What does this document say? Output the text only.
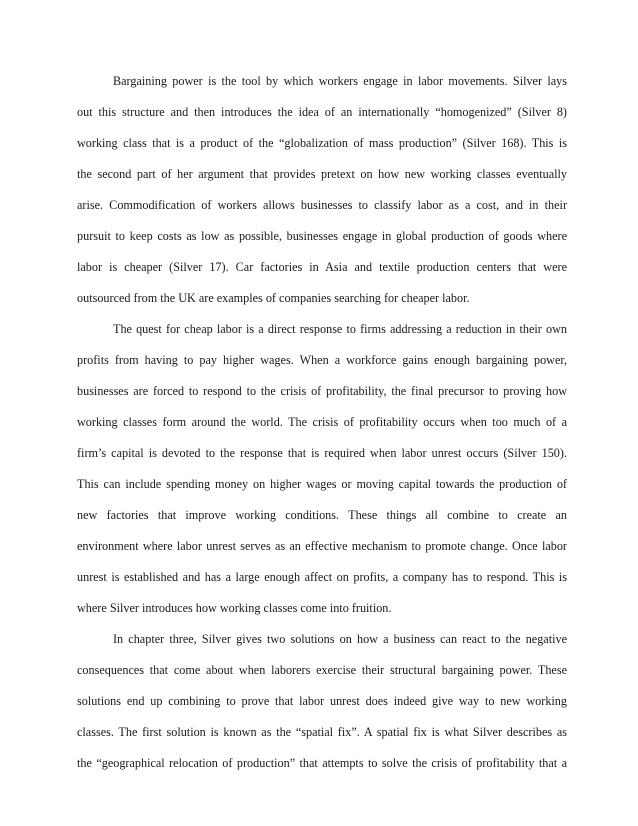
Bargaining power is the tool by which workers engage in labor movements. Silver lays

out this structure and then introduces the idea of an internationally “homogenized” (Silver 8)

working class that is a product of the “globalization of mass production” (Silver 168). This is

the second part of her argument that provides pretext on how new working classes eventually

arise. Commodification of workers allows businesses to classify labor as a cost, and in their

pursuit to keep costs as low as possible, businesses engage in global production of goods where

labor is cheaper (Silver 17). Car factories in Asia and textile production centers that were

outsourced from the UK are examples of companies searching for cheaper labor.

The quest for cheap labor is a direct response to firms addressing a reduction in their own

profits from having to pay higher wages. When a workforce gains enough bargaining power,

businesses are forced to respond to the crisis of profitability, the final precursor to proving how

working classes form around the world. The crisis of profitability occurs when too much of a

firm’s capital is devoted to the response that is required when labor unrest occurs (Silver 150).

This can include spending money on higher wages or moving capital towards the production of

new factories that improve working conditions. These things all combine to create an

environment where labor unrest serves as an effective mechanism to promote change. Once labor

unrest is established and has a large enough affect on profits, a company has to respond. This is

where Silver introduces how working classes come into fruition.

In chapter three, Silver gives two solutions on how a business can react to the negative

consequences that come about when laborers exercise their structural bargaining power. These

solutions end up combining to prove that labor unrest does indeed give way to new working

classes. The first solution is known as the “spatial fix”. A spatial fix is what Silver describes as

the “geographical relocation of production” that attempts to solve the crisis of profitability that a
